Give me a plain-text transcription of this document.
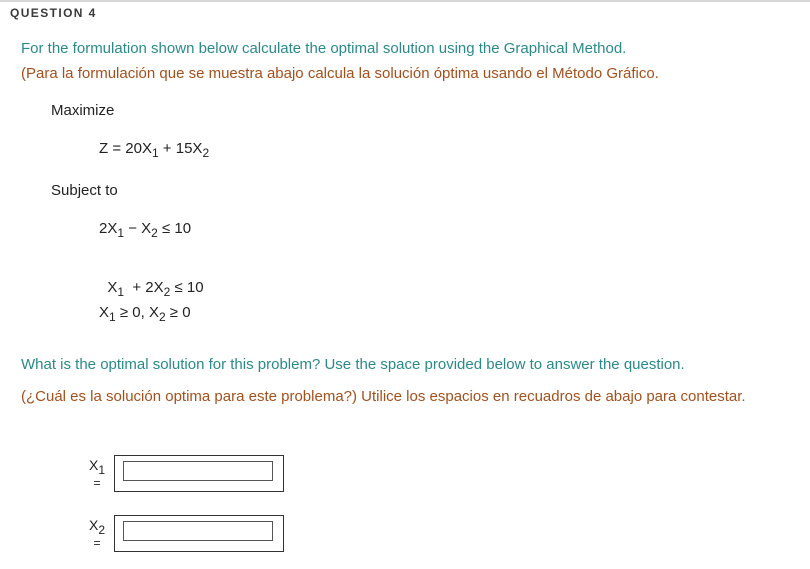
QUESTION 4
For the formulation shown below calculate the optimal solution using the Graphical Method.
(Para la formulación que se muestra abajo calcula la solución óptima usando el Método Gráfico.
Maximize
$Z = 20X_1 + 15X_2$
Subject to
$2X_1 - X_2 \le 10$

$X_1 + 2X_2 \le 10$

$X_1 \ge 0$, $X_2 \ge 0$
What is the optimal solution for this problem? Use the space provided below to answer the question.
(¿Cuál es la solución optima para este problema?) Utilice los espacios en recuadros de abajo para contestar.
$X_1$
=
$X_2$
=
